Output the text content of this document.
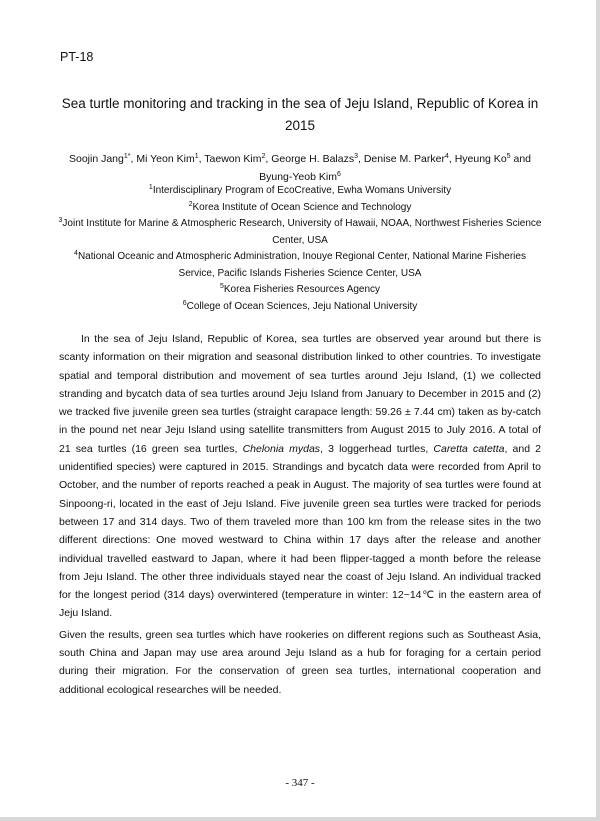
PT-18
Sea turtle monitoring and tracking in the sea of Jeju Island, Republic of Korea in 2015
Soojin Jang$^{1*}$, Mi Yeon Kim$^1$, Taewon Kim$^2$, George H. Balazs$^3$, Denise M. Parker$^4$, Hyeung Ko$^5$ and Byung-Yeob Kim$^6$
$^1$Interdisciplinary Program of EcoCreative, Ewha Womans University
$^2$Korea Institute of Ocean Science and Technology
$^3$Joint Institute for Marine & Atmospheric Research, University of Hawaii, NOAA, Northwest Fisheries Science Center, USA
$^4$National Oceanic and Atmospheric Administration, Inouye Regional Center, National Marine Fisheries Service, Pacific Islands Fisheries Science Center, USA
$^5$Korea Fisheries Resources Agency
$^6$College of Ocean Sciences, Jeju National University

In the sea of Jeju Island, Republic of Korea, sea turtles are observed year around but there is scanty information on their migration and seasonal distribution linked to other countries. To investigate spatial and temporal distribution and movement of sea turtles around Jeju Island, (1) we collected stranding and bycatch data of sea turtles around Jeju Island from January to December in 2015 and (2) we tracked five juvenile green sea turtles (straight carapace length: 59.26 ± 7.44 cm) taken as by-catch in the pound net near Jeju Island using satellite transmitters from August 2015 to July 2016. A total of 21 sea turtles (16 green sea turtles, Chelonia mydas, 3 loggerhead turtles, Caretta catetta, and 2 unidentified species) were captured in 2015. Strandings and bycatch data were recorded from April to October, and the number of reports reached a peak in August. The majority of sea turtles were found at Sinpoong-ri, located in the east of Jeju Island. Five juvenile green sea turtles were tracked for periods between 17 and 314 days. Two of them traveled more than 100 km from the release sites in the two different directions: One moved westward to China within 17 days after the release and another individual travelled eastward to Japan, where it had been flipper-tagged a month before the release from Jeju Island. The other three individuals stayed near the coast of Jeju Island. An individual tracked for the longest period (314 days) overwintered (temperature in winter: 12~14℃ in the eastern area of Jeju Island.

Given the results, green sea turtles which have rookeries on different regions such as Southeast Asia, south China and Japan may use area around Jeju Island as a hub for foraging for a certain period during their migration. For the conservation of green sea turtles, international cooperation and additional ecological researches will be needed.

- 347 -
